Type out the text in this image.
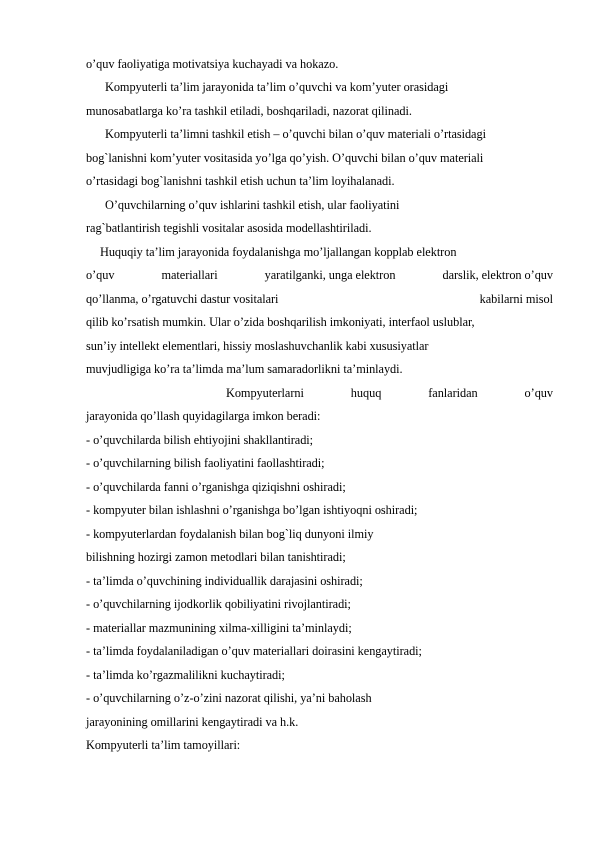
o’quv faoliyatiga motivatsiya kuchayadi va hokazo.
Kompyuterli ta’lim jarayonida ta’lim o’quvchi va kom’yuter orasidagi
munosabatlarga ko’ra tashkil etiladi, boshqariladi, nazorat qilinadi.
Kompyuterli ta’limni tashkil etish – o’quvchi bilan o’quv materiali o’rtasidagi
bog`lanishni kom’yuter vositasida yo’lga qo’yish. O’quvchi bilan o’quv materiali
o’rtasidagi bog`lanishni tashkil etish uchun ta’lim loyihalanadi.
O’quvchilarning o’quv ishlarini tashkil etish, ular faoliyatini
rag`batlantirish tegishli vositalar asosida modellashtiriladi.
Huquqiy ta’lim jarayonida foydalanishga mo’ljallangan kopplab elektron
o’quv	materiallari	yaratilganki, unga elektron	darslik, elektron o’quv
qo’llanma, o’rgatuvchi dastur vositalari	kabilarni misol
qilib ko’rsatish mumkin. Ular o’zida boshqarilish imkoniyati, interfaol uslublar,
sun’iy intellekt elementlari, hissiy moslashuvchanlik kabi xususiyatlar
muvjudligiga ko’ra ta’limda ma’lum samaradorlikni ta’minlaydi.
Kompyuterlarni	huquq	fanlaridan	o’quv
jarayonida qo’llash quyidagilarga imkon beradi:
- o’quvchilarda bilish ehtiyojini shakllantiradi;
- o’quvchilarning bilish faoliyatini faollashtiradi;
- o’quvchilarda fanni o’rganishga qiziqishni oshiradi;
- kompyuter bilan ishlashni o’rganishga bo’lgan ishtiyoqni oshiradi;
- kompyuterlardan foydalanish bilan bog`liq dunyoni ilmiy
bilishning hozirgi zamon metodlari bilan tanishtiradi;
- ta’limda o’quvchining individuallik darajasini oshiradi;
- o’quvchilarning ijodkorlik qobiliyatini rivojlantiradi;
- materiallar mazmunining xilma-xilligini ta’minlaydi;
- ta’limda foydalaniladigan o’quv materiallari doirasini kengaytiradi;
- ta’limda ko’rgazmalilikni kuchaytiradi;
- o’quvchilarning o’z-o’zini nazorat qilishi, ya’ni baholash
jarayonining omillarini kengaytiradi va h.k.
Kompyuterli ta’lim tamoyillari:
